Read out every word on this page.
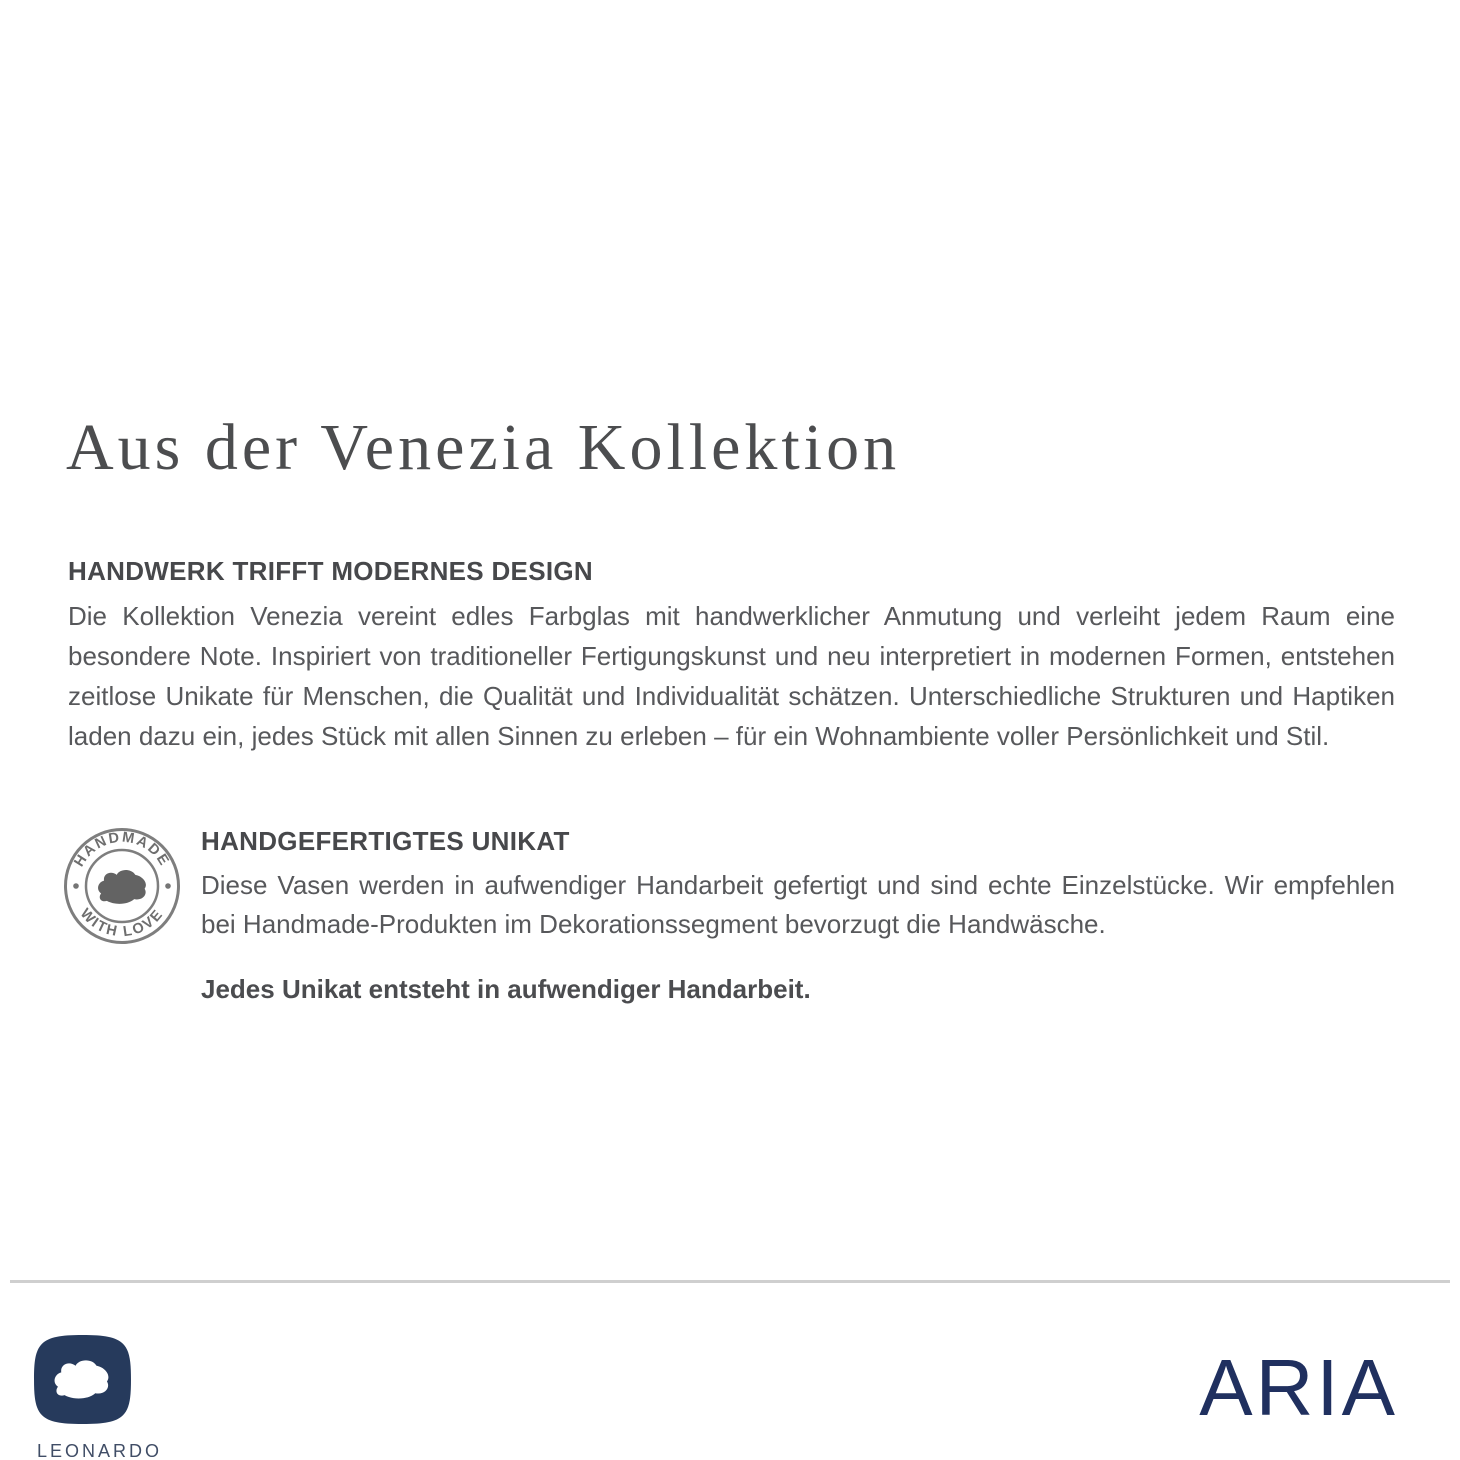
Aus der Venezia Kollektion
HANDWERK TRIFFT MODERNES DESIGN

Die Kollektion Venezia vereint edles Farbglas mit handwerklicher Anmutung und verleiht jedem Raum eine besondere Note. Inspiriert von traditioneller Fertigungskunst und neu interpretiert in modernen Formen, entstehen zeitlose Unikate für Menschen, die Qualität und Individualität schätzen. Unterschiedliche Strukturen und Haptiken laden dazu ein, jedes Stück mit allen Sinnen zu erleben – für ein Wohnambiente voller Persönlichkeit und Stil.

HANDMADE
WITH LOVE
HANDGEFERTIGTES UNIKAT

Diese Vasen werden in aufwendiger Handarbeit gefertigt und sind echte Einzelstücke. Wir empfehlen bei Handmade-Produkten im Dekorationssegment bevorzugt die Handwäsche.

Jedes Unikat entsteht in aufwendiger Handarbeit.
LEONARDO
ARIA
